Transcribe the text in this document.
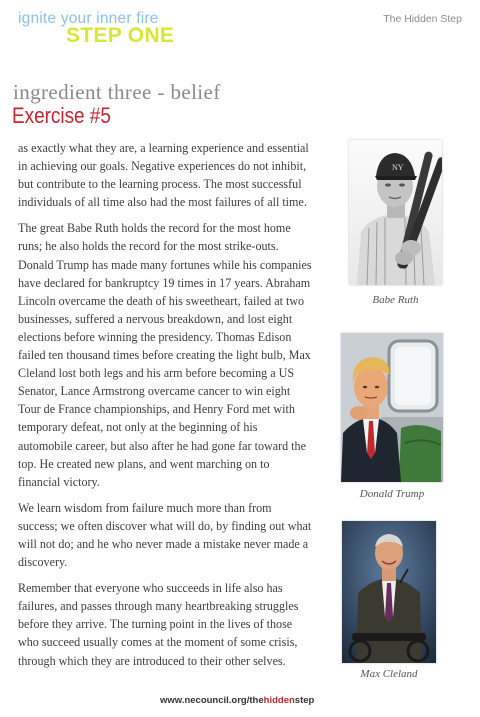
ignite your inner fire
STEP ONE
The Hidden Step
ingredient three - belief
Exercise #5

as exactly what they are, a learning experience and essential in achieving our goals. Negative experiences do not inhibit, but contribute to the learning process. The most successful individuals of all time also had the most failures of all time.

The great Babe Ruth holds the record for the most home runs; he also holds the record for the most strike-outs. Donald Trump has made many fortunes while his companies have declared for bankruptcy 19 times in 17 years. Abraham Lincoln overcame the death of his sweetheart, failed at two businesses, suffered a nervous breakdown, and lost eight elections before winning the presidency. Thomas Edison failed ten thousand times before creating the light bulb, Max Cleland lost both legs and his arm before becoming a US Senator, Lance Armstrong overcame cancer to win eight Tour de France championships, and Henry Ford met with temporary defeat, not only at the beginning of his automobile career, but also after he had gone far toward the top. He created new plans, and went marching on to financial victory.

We learn wisdom from failure much more than from success; we often discover what will do, by finding out what will not do; and he who never made a mistake never made a discovery.

Remember that everyone who succeeds in life also has failures, and passes through many heartbreaking struggles before they arrive. The turning point in the lives of those who succeed usually comes at the moment of some crisis, through which they are introduced to their other selves.

NY
Babe Ruth
Donald Trump
Max Cleland
www.necouncil.org/thehiddenstep
